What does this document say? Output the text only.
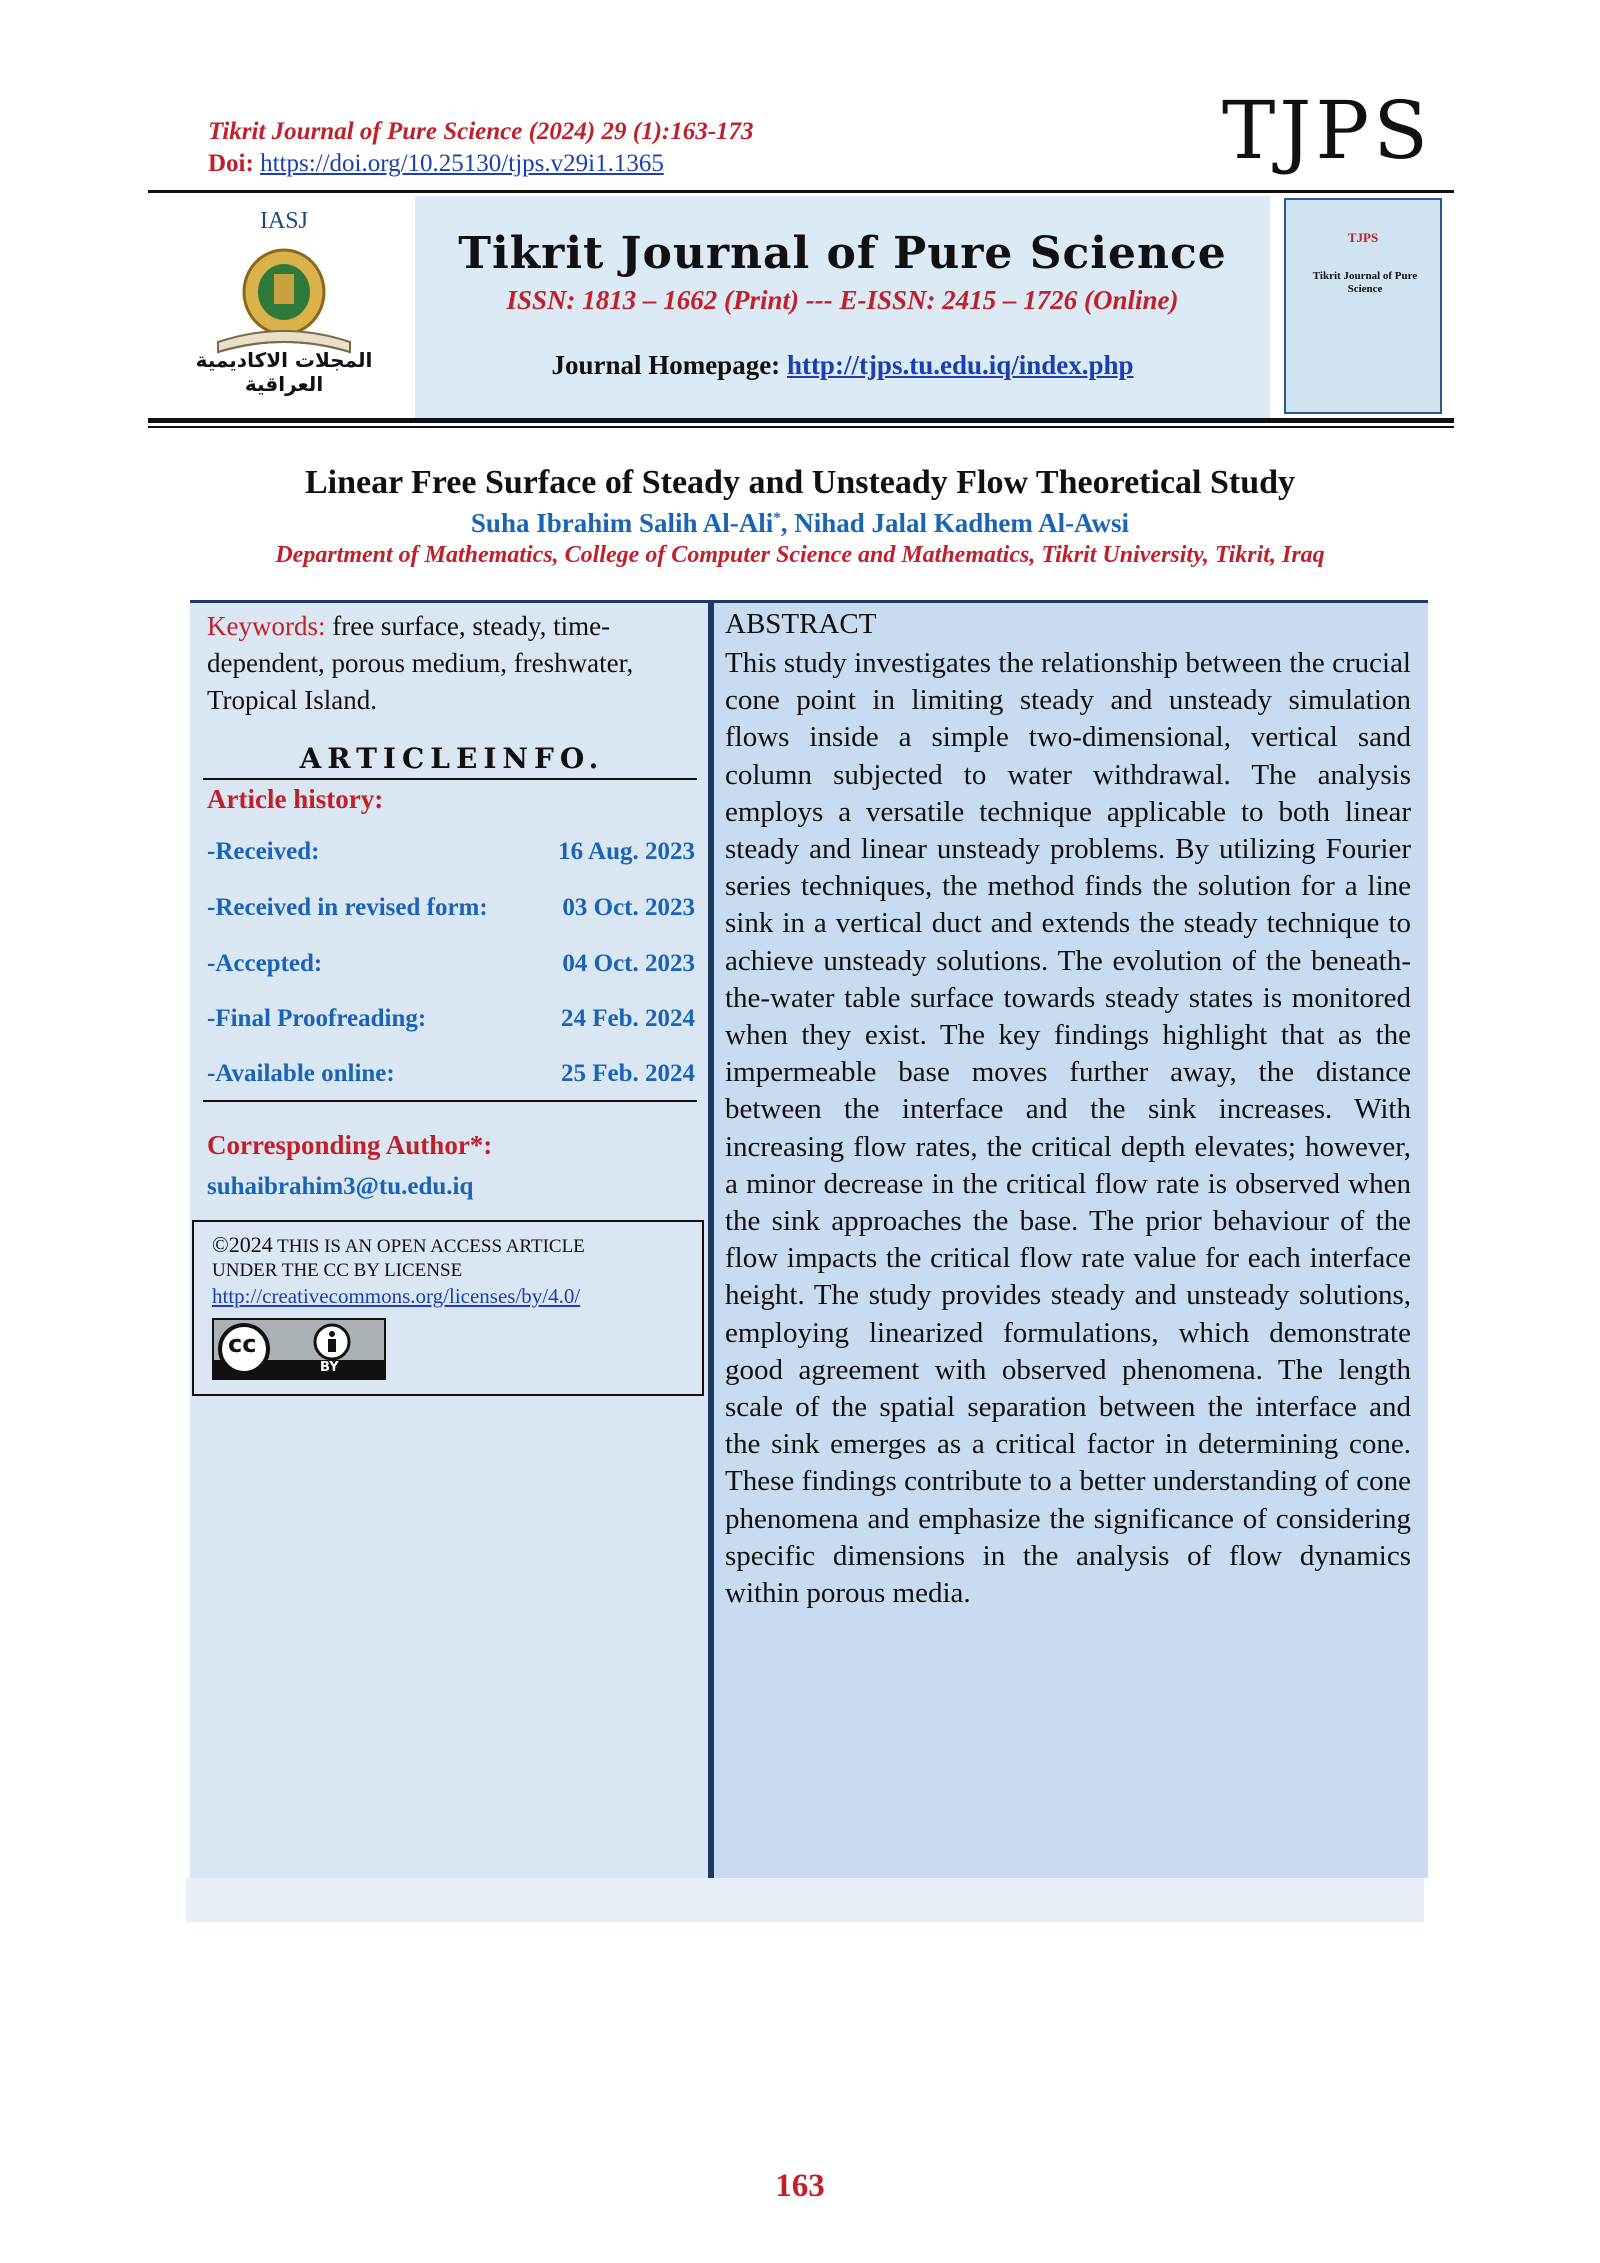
Tikrit Journal of Pure Science (2024) 29 (1):163-173
Doi: https://doi.org/10.25130/tjps.v29i1.1365	TJPS
IASJ
المجلات الاكاديمية العراقية
Tikrit Journal of Pure Science
ISSN: 1813 – 1662 (Print) --- E-ISSN: 2415 – 1726 (Online)
Journal Homepage: http://tjps.tu.edu.iq/index.php
TJPS
Tikrit Journal of Pure Science
Linear Free Surface of Steady and Unsteady Flow Theoretical Study
Suha Ibrahim Salih Al-Ali*, Nihad Jalal Kadhem Al-Awsi
Department of Mathematics, College of Computer Science and Mathematics, Tikrit University, Tikrit, Iraq
Keywords: free surface, steady, time-dependent, porous medium, freshwater, Tropical Island.
ARTICLEINFO.
Article history:
-Received:	16 Aug. 2023
-Received in revised form:	03 Oct. 2023
-Accepted:	04 Oct. 2023
-Final Proofreading:	24 Feb. 2024
-Available online:	25 Feb. 2024
Corresponding Author*:
suhaibrahim3@tu.edu.iq
©2024 THIS IS AN OPEN ACCESS ARTICLE
UNDER THE CC BY LICENSE
http://creativecommons.org/licenses/by/4.0/
cc
BY
ABSTRACT
This study investigates the relationship between the crucial cone point in limiting steady and unsteady simulation flows inside a simple two-dimensional, vertical sand column subjected to water withdrawal. The analysis employs a versatile technique applicable to both linear steady and linear unsteady problems. By utilizing Fourier series techniques, the method finds the solution for a line sink in a vertical duct and extends the steady technique to achieve unsteady solutions. The evolution of the beneath-the-water table surface towards steady states is monitored when they exist. The key findings highlight that as the impermeable base moves further away, the distance between the interface and the sink increases. With increasing flow rates, the critical depth elevates; however, a minor decrease in the critical flow rate is observed when the sink approaches the base. The prior behaviour of the flow impacts the critical flow rate value for each interface height. The study provides steady and unsteady solutions, employing linearized formulations, which demonstrate good agreement with observed phenomena. The length scale of the spatial separation between the interface and the sink emerges as a critical factor in determining cone. These findings contribute to a better understanding of cone phenomena and emphasize the significance of considering specific dimensions in the analysis of flow dynamics within porous media.
163
